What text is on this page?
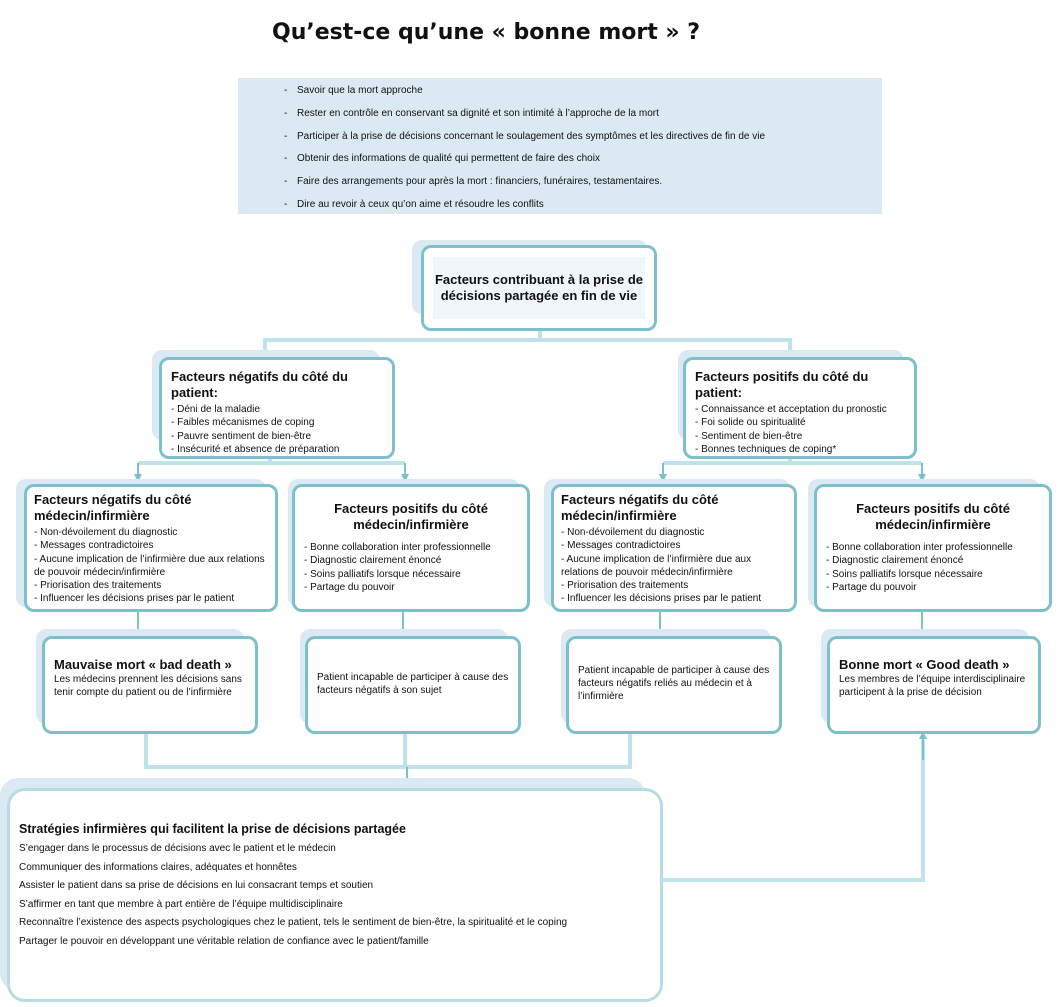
Qu’est-ce qu’une « bonne mort » ?
- Savoir que la mort approche
- Rester en contrôle en conservant sa dignité et son intimité à l’approche de la mort
- Participer à la prise de décisions concernant le soulagement des symptômes et les directives de fin de vie
- Obtenir des informations de qualité qui permettent de faire des choix
- Faire des arrangements pour après la mort : financiers, funéraires, testamentaires.
- Dire au revoir à ceux qu’on aime et résoudre les conflits
Facteurs contribuant à la prise de décisions partagée en fin de vie
Facteurs négatifs du côté du patient:
- Déni de la maladie
- Faibles mécanismes de coping
- Pauvre sentiment de bien-être
- Insécurité et absence de préparation
Facteurs positifs du côté du patient:
- Connaissance et acceptation du pronostic
- Foi solide ou spiritualité
- Sentiment de bien-être
- Bonnes techniques de coping*
Facteurs négatifs du côté médecin/infirmière
- Non-dévoilement du diagnostic
- Messages contradictoires
- Aucune implication de l’infirmière due aux relations de pouvoir médecin/infirmière
- Priorisation des traitements
- Influencer les décisions prises par le patient
Facteurs positifs du côté médecin/infirmière
- Bonne collaboration inter professionnelle
- Diagnostic clairement énoncé
- Soins palliatifs lorsque nécessaire
- Partage du pouvoir
Facteurs négatifs du côté médecin/infirmière
- Non-dévoilement du diagnostic
- Messages contradictoires
- Aucune implication de l’infirmière due aux relations de pouvoir médecin/infirmière
- Priorisation des traitements
- Influencer les décisions prises par le patient
Facteurs positifs du côté médecin/infirmière
- Bonne collaboration inter professionnelle
- Diagnostic clairement énoncé
- Soins palliatifs lorsque nécessaire
- Partage du pouvoir
Mauvaise mort « bad death »
Les médecins prennent les décisions sans tenir compte du patient ou de l’infirmière
Patient incapable de participer à cause des facteurs négatifs à son sujet
Patient incapable de participer à cause des facteurs négatifs reliés au médecin et à l’infirmière
Bonne mort « Good death »
Les membres de l’équipe interdisciplinaire participent à la prise de décision
Stratégies infirmières qui facilitent la prise de décisions partagée
S’engager dans le processus de décisions avec le patient et le médecin
Communiquer des informations claires, adéquates et honnêtes
Assister le patient dans sa prise de décisions en lui consacrant temps et soutien
S’affirmer en tant que membre à part entière de l’équipe multidisciplinaire
Reconnaître l’existence des aspects psychologiques chez le patient, tels le sentiment de bien-être, la spiritualité et le coping
Partager le pouvoir en développant une véritable relation de confiance avec le patient/famille
